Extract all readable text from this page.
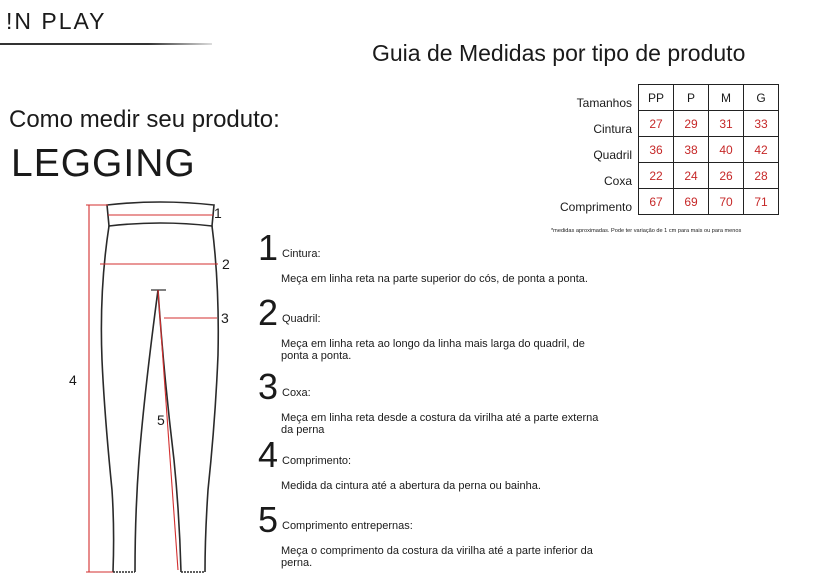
!N PLAY
Guia de Medidas por tipo de produto
Tamanhos	PP	P	M	G
Cintura	27	29	31	33
Quadril	36	38	40	42
Coxa	22	24	26	28
Comprimento	67	69	70	71
*medidas aproximadas. Pode ter variação de 1 cm para mais ou para menos
Como medir seu produto:
LEGGING
1
2
3
4
5
1 Cintura:
Meça em linha reta na parte superior do cós, de ponta a ponta.
2 Quadril:
Meça em linha reta ao longo da linha mais larga do quadril, de ponta a ponta.
3 Coxa:
Meça em linha reta desde a costura da virilha até a parte externa da perna
4 Comprimento:
Medida da cintura até a abertura da perna ou bainha.
5 Comprimento entrepernas:
Meça o comprimento da costura da virilha até a parte inferior da perna.
